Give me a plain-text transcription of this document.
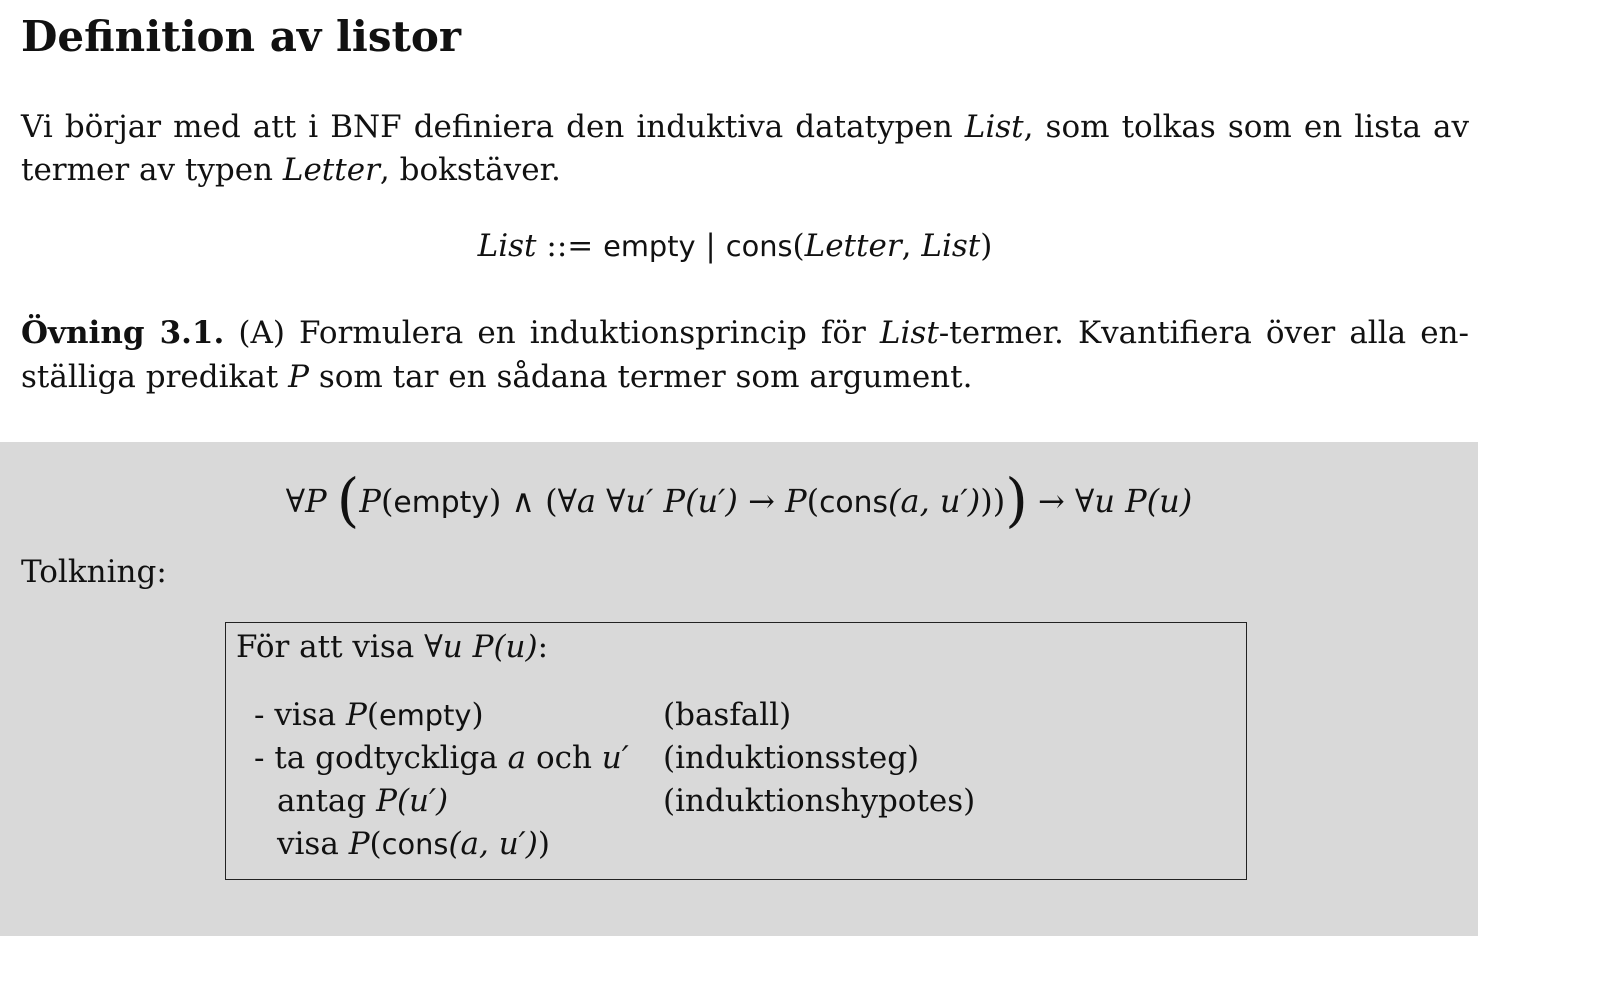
Definition av listor

Vi börjar med att i BNF definiera den induktiva datatypen List, som tolkas som en lista av termer av typen Letter, bokstäver.

List ::= empty | cons(Letter, List)

Övning 3.1. (A) Formulera en induktionsprincip för List-termer. Kvantifiera över alla en-ställiga predikat P som tar en sådana termer som argument.

∀P (P(empty) ∧ (∀a ∀u′ P(u′) → P(cons(a, u′)))) → ∀u P(u)
Tolkning:
För att visa ∀u P(u):
- visa P(empty)	(basfall)
- ta godtyckliga a och u′ (induktionssteg)
antag P(u′)	(induktionshypotes)
visa P(cons(a, u′))
